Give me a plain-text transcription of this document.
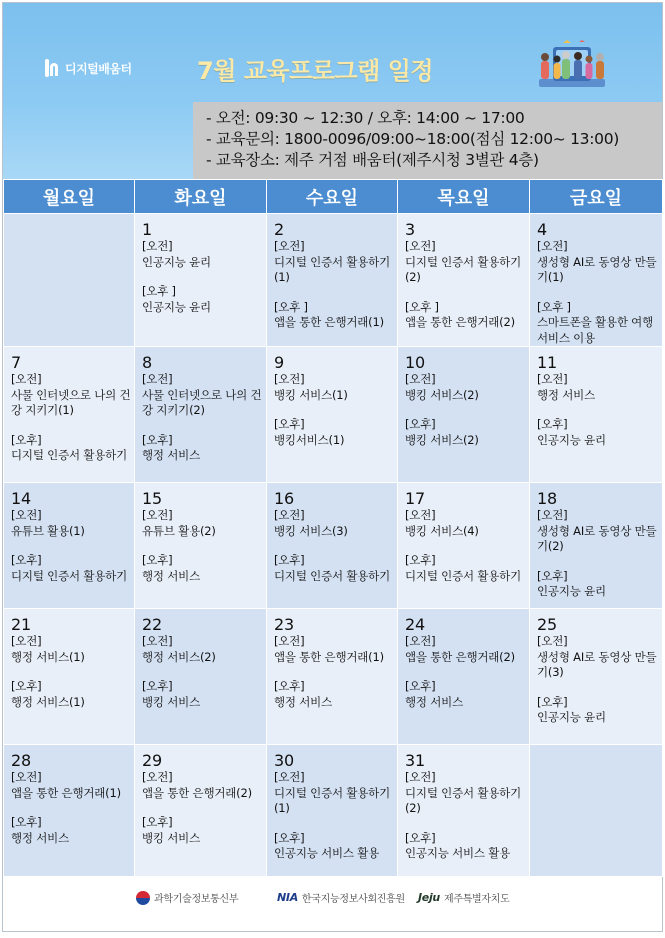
디지털배움터	7월 교육프로그램 일정
- 오전: 09:30 ~ 12:30 / 오후: 14:00 ~ 17:00
- 교육문의: 1800-0096/09:00~18:00(점심 12:00~ 13:00)
- 교육장소: 제주 거점 배움터(제주시청 3별관 4층)
월요일	화요일	수요일	목요일	금요일

	1
[오전]
인공지능 윤리
[오후 ]
인공지능 윤리	2
[오전]
디지털 인증서 활용하기(1)
[오후 ]
앱을 통한 은행거래(1)	3
[오전]
디지털 인증서 활용하기(2)
[오후 ]
앱을 통한 은행거래(2)	4
[오전]
생성형 AI로 동영상 만들기(1)
[오후 ]
스마트폰을 활용한 여행 서비스 이용

7
[오전]
사물 인터넷으로 나의 건강 지키기(1)
[오후]
디지털 인증서 활용하기	8
[오전]
사물 인터넷으로 나의 건강 지키기(2)
[오후]
행정 서비스	9
[오전]
뱅킹 서비스(1)
[오후]
뱅킹서비스(1)	10
[오전]
뱅킹 서비스(2)
[오후]
뱅킹 서비스(2)	11
[오전]
행정 서비스
[오후]
인공지능 윤리

14
[오전]
유튜브 활용(1)
[오후]
디지털 인증서 활용하기	15
[오전]
유튜브 활용(2)
[오후]
행정 서비스	16
[오전]
뱅킹 서비스(3)
[오후]
디지털 인증서 활용하기	17
[오전]
뱅킹 서비스(4)
[오후]
디지털 인증서 활용하기	18
[오전]
생성형 AI로 동영상 만들기(2)
[오후]
인공지능 윤리

21
[오전]
행정 서비스(1)
[오후]
행정 서비스(1)	22
[오전]
행정 서비스(2)
[오후]
뱅킹 서비스	23
[오전]
앱을 통한 은행거래(1)
[오후]
행정 서비스	24
[오전]
앱을 통한 은행거래(2)
[오후]
행정 서비스	25
[오전]
생성형 AI로 동영상 만들기(3)
[오후]
인공지능 윤리

28
[오전]
앱을 통한 은행거래(1)
[오후]
행정 서비스	29
[오전]
앱을 통한 은행거래(2)
[오후]
뱅킹 서비스	30
[오전]
디지털 인증서 활용하기(1)
[오후]
인공지능 서비스 활용	31
[오전]
디지털 인증서 활용하기(2)
[오후]
인공지능 서비스 활용	

과학기술정보통신부	NIA 한국지능정보사회진흥원 Jeju 제주특별자치도
